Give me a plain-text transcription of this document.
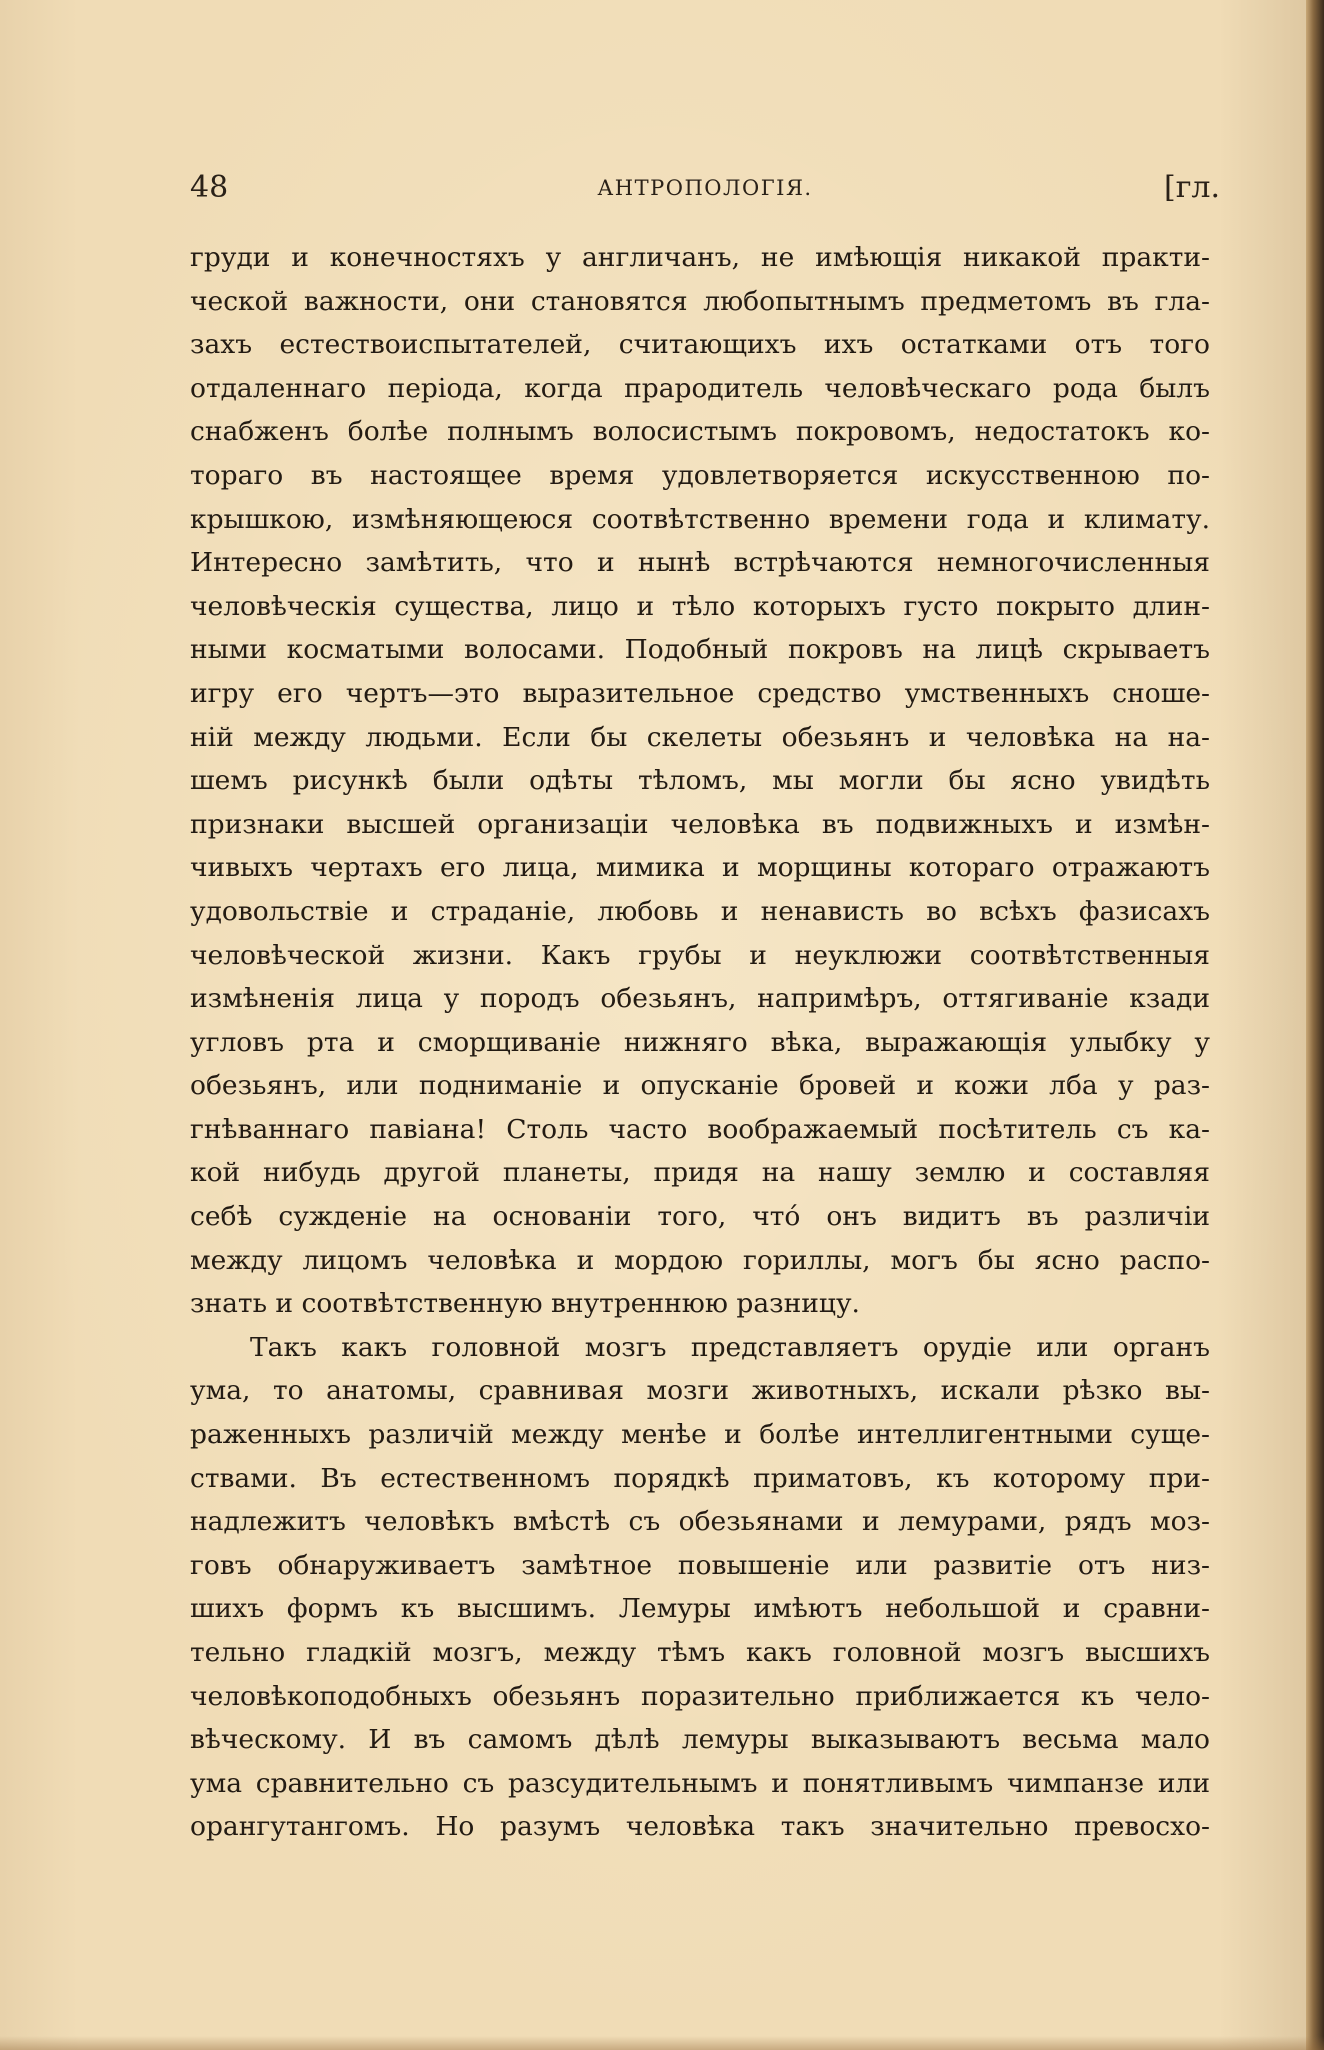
48	АНТРОПОЛОГІЯ.	[гл.
груди и конечностяхъ у англичанъ, не имѣющія никакой практи-
ческой важности, они становятся любопытнымъ предметомъ въ гла-
захъ естествоиспытателей, считающихъ ихъ остатками отъ того
отдаленнаго періода, когда прародитель человѣческаго рода былъ
снабженъ болѣе полнымъ волосистымъ покровомъ, недостатокъ ко-
тораго въ настоящее время удовлетворяется искусственною по-
крышкою, измѣняющеюся соотвѣтственно времени года и климату.
Интересно замѣтить, что и нынѣ встрѣчаются немногочисленныя
человѣческія существа, лицо и тѣло которыхъ густо покрыто длин-
ными косматыми волосами. Подобный покровъ на лицѣ скрываетъ
игру его чертъ—это выразительное средство умственныхъ сноше-
ній между людьми. Если бы скелеты обезьянъ и человѣка на на-
шемъ рисункѣ были одѣты тѣломъ, мы могли бы ясно увидѣть
признаки высшей организаціи человѣка въ подвижныхъ и измѣн-
чивыхъ чертахъ его лица, мимика и морщины котораго отражаютъ
удовольствіе и страданіе, любовь и ненависть во всѣхъ фазисахъ
человѣческой жизни. Какъ грубы и неуклюжи соотвѣтственныя
измѣненія лица у породъ обезьянъ, напримѣръ, оттягиваніе кзади
угловъ рта и сморщиваніе нижняго вѣка, выражающія улыбку у
обезьянъ, или подниманіе и опусканіе бровей и кожи лба у раз-
гнѣваннаго павіана! Столь часто воображаемый посѣтитель съ ка-
кой нибудь другой планеты, придя на нашу землю и составляя
себѣ сужденіе на основаніи того, что́ онъ видитъ въ различіи
между лицомъ человѣка и мордою гориллы, могъ бы ясно распо-
знать и соотвѣтственную внутреннюю разницу.
Такъ какъ головной мозгъ представляетъ орудіе или органъ
ума, то анатомы, сравнивая мозги животныхъ, искали рѣзко вы-
раженныхъ различій между менѣе и болѣе интеллигентными суще-
ствами. Въ естественномъ порядкѣ приматовъ, къ которому при-
надлежитъ человѣкъ вмѣстѣ съ обезьянами и лемурами, рядъ моз-
говъ обнаруживаетъ замѣтное повышеніе или развитіе отъ низ-
шихъ формъ къ высшимъ. Лемуры имѣютъ небольшой и сравни-
тельно гладкій мозгъ, между тѣмъ какъ головной мозгъ высшихъ
человѣкоподобныхъ обезьянъ поразительно приближается къ чело-
вѣческому. И въ самомъ дѣлѣ лемуры выказываютъ весьма мало
ума сравнительно съ разсудительнымъ и понятливымъ чимпанзе или
орангутангомъ. Но разумъ человѣка такъ значительно превосхо-
